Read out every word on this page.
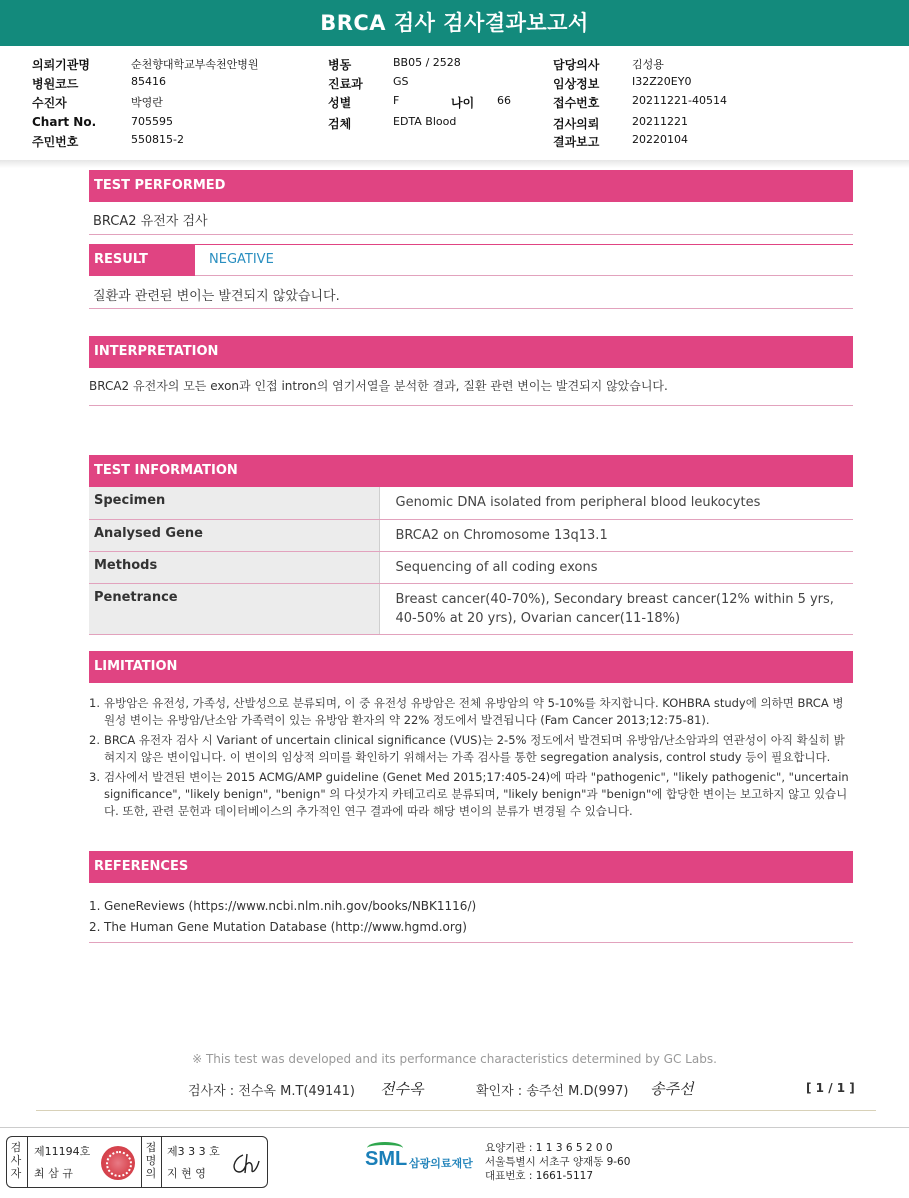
BRCA 검사 검사결과보고서
의뢰기관명	순천향대학교부속천안병원	병동	BB05 / 2528	담당의사	김성용
병원코드	85416	진료과	GS	임상정보	I32Z20EY0
수진자	박영란	성별	F	나이 66	접수번호	20211221-40514
Chart No.	705595	검체	EDTA Blood	검사의뢰	20211221
주민번호	550815-2	결과보고	20220104
TEST PERFORMED
BRCA2 유전자 검사
RESULT	NEGATIVE
질환과 관련된 변이는 발견되지 않았습니다.
INTERPRETATION
BRCA2 유전자의 모든 exon과 인접 intron의 염기서열을 분석한 결과, 질환 관련 변이는 발견되지 않았습니다.
TEST INFORMATION
Specimen	Genomic DNA isolated from peripheral blood leukocytes
Analysed Gene	BRCA2 on Chromosome 13q13.1
Methods	Sequencing of all coding exons
Penetrance	Breast cancer(40-70%), Secondary breast cancer(12% within 5 yrs, 40-50% at 20 yrs), Ovarian cancer(11-18%)
LIMITATION
1. 유방암은 유전성, 가족성, 산발성으로 분류되며, 이 중 유전성 유방암은 전체 유방암의 약 5-10%를 차지합니다. KOHBRA study에 의하면 BRCA 병원성 변이는 유방암/난소암 가족력이 있는 유방암 환자의 약 22% 정도에서 발견됩니다 (Fam Cancer 2013;12:75-81).
2. BRCA 유전자 검사 시 Variant of uncertain clinical significance (VUS)는 2-5% 정도에서 발견되며 유방암/난소암과의 연관성이 아직 확실히 밝혀지지 않은 변이입니다. 이 변이의 임상적 의미를 확인하기 위해서는 가족 검사를 통한 segregation analysis, control study 등이 필요합니다.
3. 검사에서 발견된 변이는 2015 ACMG/AMP guideline (Genet Med 2015;17:405-24)에 따라 "pathogenic", "likely pathogenic", "uncertain significance", "likely benign", "benign" 의 다섯가지 카테고리로 분류되며, "likely benign"과 "benign"에 합당한 변이는 보고하지 않고 있습니다. 또한, 관련 문헌과 데이터베이스의 추가적인 연구 결과에 따라 해당 변이의 분류가 변경될 수 있습니다.
REFERENCES
1. GeneReviews (https://www.ncbi.nlm.nih.gov/books/NBK1116/)
2. The Human Gene Mutation Database (http://www.hgmd.org)
※ This test was developed and its performance characteristics determined by GC Labs.
검사자 : 전수옥 M.T(49141) 전수옥	확인자 : 송주선 M.D(997) 송주선	[ 1 / 1 ]
검사자
제11194호
최 삼 규
접명의
제3 3 3 호
지 현 영
SML 삼광의료재단
요양기관 : 1 1 3 6 5 2 0 0
서울특별시 서초구 양재동 9-60
대표번호 : 1661-5117
